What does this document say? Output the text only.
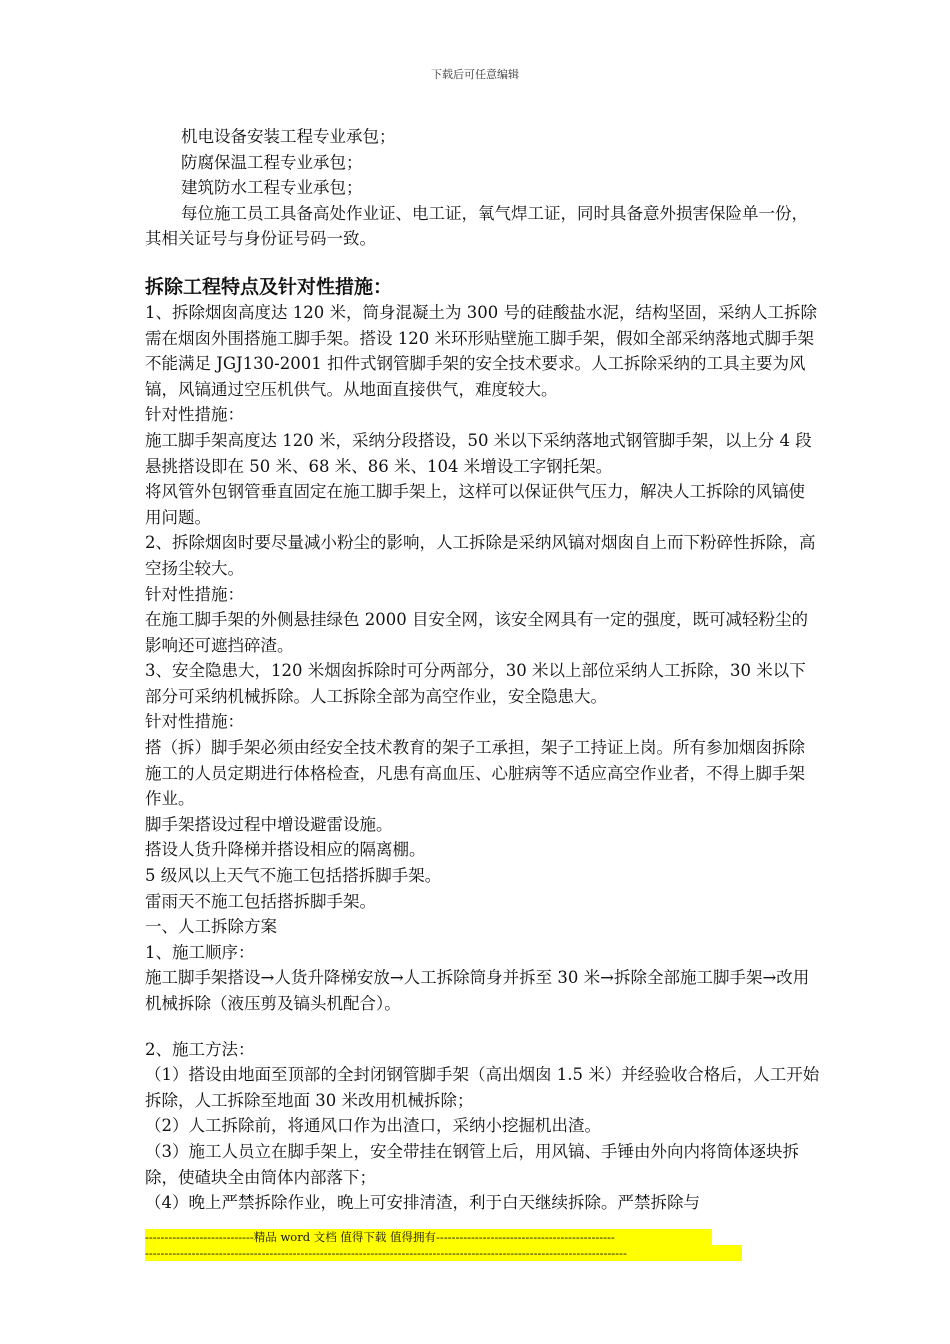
下载后可任意编辑

机电设备安装工程专业承包；

防腐保温工程专业承包；

建筑防水工程专业承包；

每位施工员工具备高处作业证、电工证，氧气焊工证，同时具备意外损害保险单一份，其相关证号与身份证号码一致。

拆除工程特点及针对性措施：

1、拆除烟囱高度达 120 米，筒身混凝土为 300 号的硅酸盐水泥，结构坚固，采纳人工拆除需在烟囱外围搭施工脚手架。搭设 120 米环形贴壁施工脚手架，假如全部采纳落地式脚手架不能满足 JGJ130-2001 扣件式钢管脚手架的安全技术要求。人工拆除采纳的工具主要为风镐，风镐通过空压机供气。从地面直接供气，难度较大。

针对性措施：

施工脚手架高度达 120 米，采纳分段搭设，50 米以下采纳落地式钢管脚手架，以上分 4 段悬挑搭设即在 50 米、68 米、86 米、104 米增设工字钢托架。

将风管外包钢管垂直固定在施工脚手架上，这样可以保证供气压力，解决人工拆除的风镐使用问题。

2、拆除烟囱时要尽量减小粉尘的影响，人工拆除是采纳风镐对烟囱自上而下粉碎性拆除，高空扬尘较大。

针对性措施：

在施工脚手架的外侧悬挂绿色 2000 目安全网，该安全网具有一定的强度，既可减轻粉尘的影响还可遮挡碎渣。

3、安全隐患大，120 米烟囱拆除时可分两部分，30 米以上部位采纳人工拆除，30 米以下部分可采纳机械拆除。人工拆除全部为高空作业，安全隐患大。

针对性措施：

搭（拆）脚手架必须由经安全技术教育的架子工承担，架子工持证上岗。所有参加烟囱拆除施工的人员定期进行体格检查，凡患有高血压、心脏病等不适应高空作业者，不得上脚手架作业。

脚手架搭设过程中增设避雷设施。

搭设人货升降梯并搭设相应的隔离棚。

5 级风以上天气不施工包括搭拆脚手架。

雷雨天不施工包括搭拆脚手架。

一、人工拆除方案

1、施工顺序：

施工脚手架搭设→人货升降梯安放→人工拆除筒身并拆至 30 米→拆除全部施工脚手架→改用机械拆除（液压剪及镐头机配合）。

2、施工方法：

（1）搭设由地面至顶部的全封闭钢管脚手架（高出烟囱 1.5 米）并经验收合格后，人工开始拆除，人工拆除至地面 30 米改用机械拆除；

（2）人工拆除前，将通风口作为出渣口，采纳小挖掘机出渣。

（3）施工人员立在脚手架上，安全带挂在钢管上后，用风镐、手锤由外向内将筒体逐块拆除，使碴块全由筒体内部落下；

（4）晚上严禁拆除作业，晚上可安排清渣，利于白天继续拆除。严禁拆除与

----------------------------精品 word 文档 值得下载 值得拥有----------------------------------------------
----------------------------------------------------------------------------------------------------------------------------
